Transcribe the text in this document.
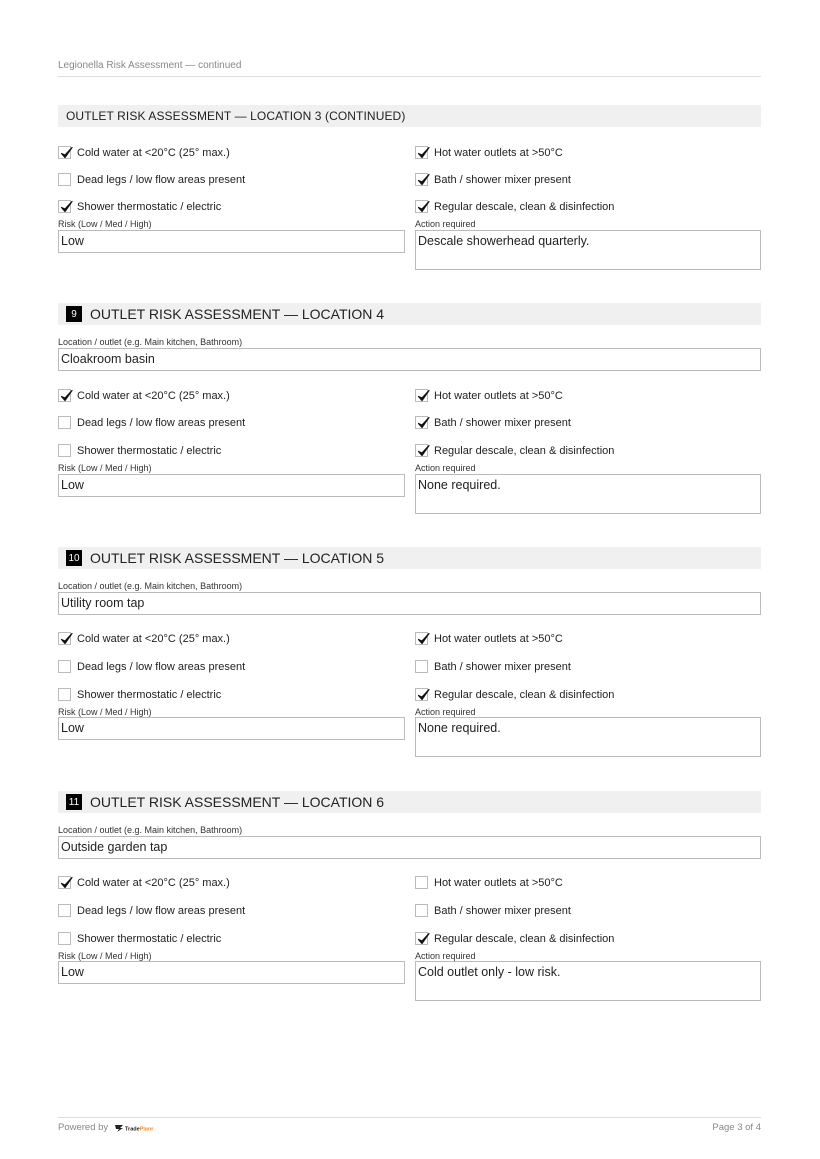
Legionella Risk Assessment — continued
OUTLET RISK ASSESSMENT — LOCATION 3 (CONTINUED)
Cold water at <20°C (25° max.)	Hot water outlets at >50°C
Dead legs / low flow areas present	Bath / shower mixer present
Shower thermostatic / electric	Regular descale, clean & disinfection
Risk (Low / Med / High)	Action required
Low	Descale showerhead quarterly.
9 OUTLET RISK ASSESSMENT — LOCATION 4
Location / outlet (e.g. Main kitchen, Bathroom)
Cloakroom basin
Cold water at <20°C (25° max.)	Hot water outlets at >50°C
Dead legs / low flow areas present	Bath / shower mixer present
Shower thermostatic / electric	Regular descale, clean & disinfection
Risk (Low / Med / High)	Action required
Low	None required.
10 OUTLET RISK ASSESSMENT — LOCATION 5
Location / outlet (e.g. Main kitchen, Bathroom)
Utility room tap
Cold water at <20°C (25° max.)	Hot water outlets at >50°C
Dead legs / low flow areas present	Bath / shower mixer present
Shower thermostatic / electric	Regular descale, clean & disinfection
Risk (Low / Med / High)	Action required
Low	None required.
11 OUTLET RISK ASSESSMENT — LOCATION 6
Location / outlet (e.g. Main kitchen, Bathroom)
Outside garden tap
Cold water at <20°C (25° max.)	Hot water outlets at >50°C
Dead legs / low flow areas present	Bath / shower mixer present
Shower thermostatic / electric	Regular descale, clean & disinfection
Risk (Low / Med / High)	Action required
Low	Cold outlet only - low risk.
Powered by	TradePlanr	Page 3 of 4
